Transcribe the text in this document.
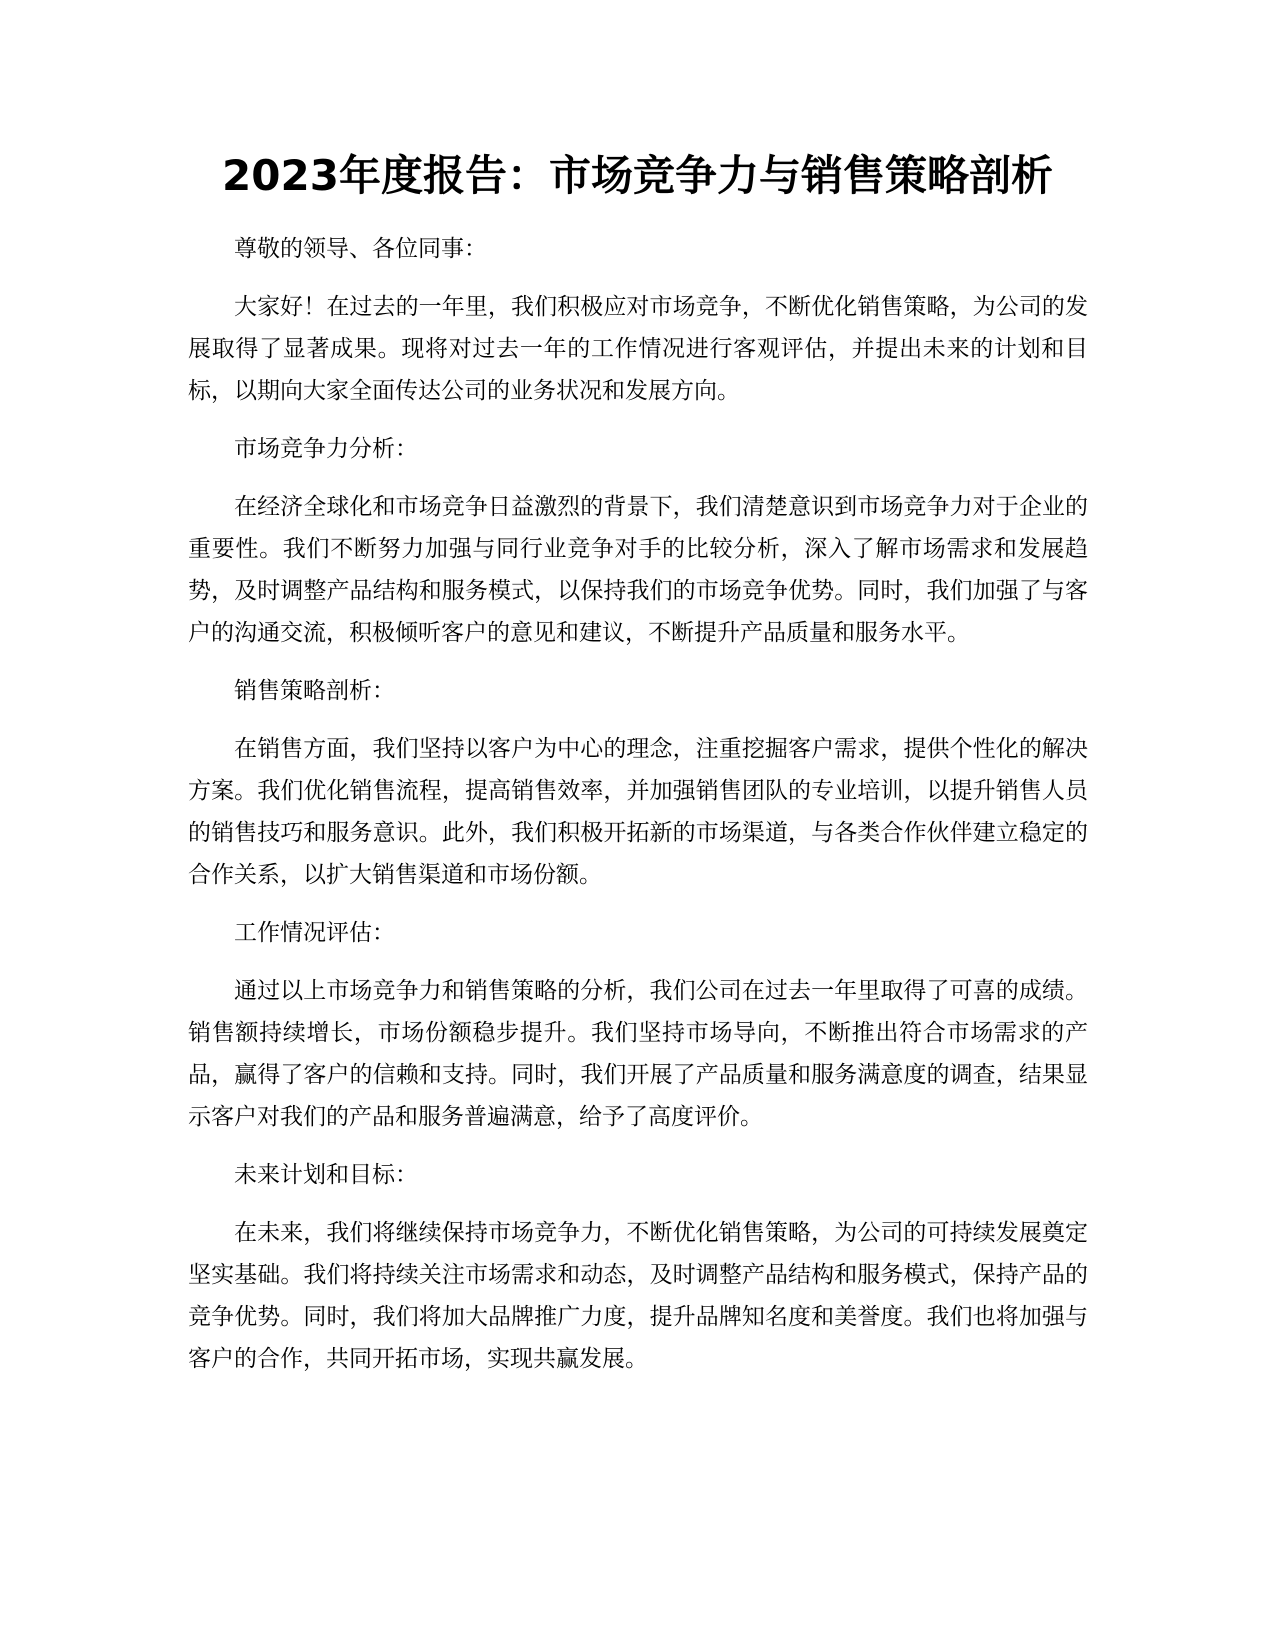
2023年度报告：市场竞争力与销售策略剖析

尊敬的领导、各位同事：

大家好！在过去的一年里，我们积极应对市场竞争，不断优化销售策略，为公司的发展取得了显著成果。现将对过去一年的工作情况进行客观评估，并提出未来的计划和目标，以期向大家全面传达公司的业务状况和发展方向。

市场竞争力分析：

在经济全球化和市场竞争日益激烈的背景下，我们清楚意识到市场竞争力对于企业的重要性。我们不断努力加强与同行业竞争对手的比较分析，深入了解市场需求和发展趋势，及时调整产品结构和服务模式，以保持我们的市场竞争优势。同时，我们加强了与客户的沟通交流，积极倾听客户的意见和建议，不断提升产品质量和服务水平。

销售策略剖析：

在销售方面，我们坚持以客户为中心的理念，注重挖掘客户需求，提供个性化的解决方案。我们优化销售流程，提高销售效率，并加强销售团队的专业培训，以提升销售人员的销售技巧和服务意识。此外，我们积极开拓新的市场渠道，与各类合作伙伴建立稳定的合作关系，以扩大销售渠道和市场份额。

工作情况评估：

通过以上市场竞争力和销售策略的分析，我们公司在过去一年里取得了可喜的成绩。销售额持续增长，市场份额稳步提升。我们坚持市场导向，不断推出符合市场需求的产品，赢得了客户的信赖和支持。同时，我们开展了产品质量和服务满意度的调查，结果显示客户对我们的产品和服务普遍满意，给予了高度评价。

未来计划和目标：

在未来，我们将继续保持市场竞争力，不断优化销售策略，为公司的可持续发展奠定坚实基础。我们将持续关注市场需求和动态，及时调整产品结构和服务模式，保持产品的竞争优势。同时，我们将加大品牌推广力度，提升品牌知名度和美誉度。我们也将加强与客户的合作，共同开拓市场，实现共赢发展。
